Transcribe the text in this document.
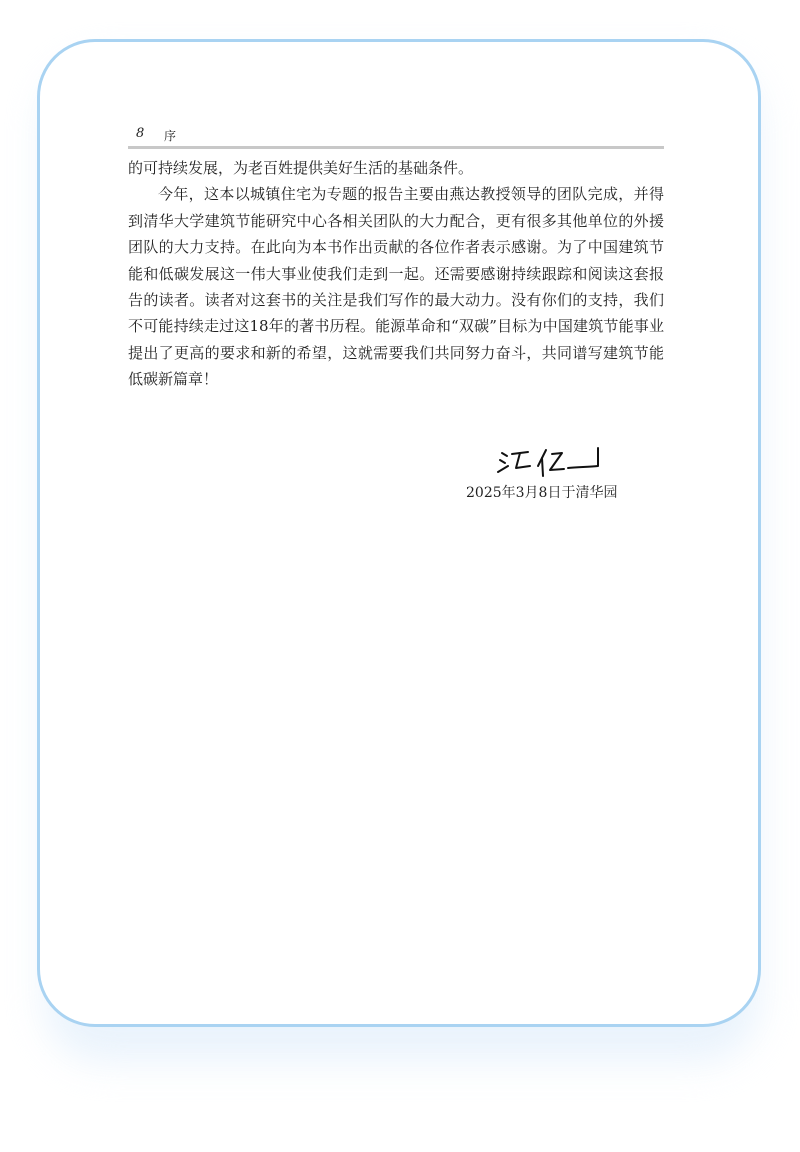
8 序

的可持续发展，为老百姓提供美好生活的基础条件。

今年，这本以城镇住宅为专题的报告主要由燕达教授领导的团队完成，并得到清华大学建筑节能研究中心各相关团队的大力配合，更有很多其他单位的外援团队的大力支持。在此向为本书作出贡献的各位作者表示感谢。为了中国建筑节能和低碳发展这一伟大事业使我们走到一起。还需要感谢持续跟踪和阅读这套报告的读者。读者对这套书的关注是我们写作的最大动力。没有你们的支持，我们不可能持续走过这18年的著书历程。能源革命和“双碳”目标为中国建筑节能事业提出了更高的要求和新的希望，这就需要我们共同努力奋斗，共同谱写建筑节能低碳新篇章！

2025年3月8日于清华园
